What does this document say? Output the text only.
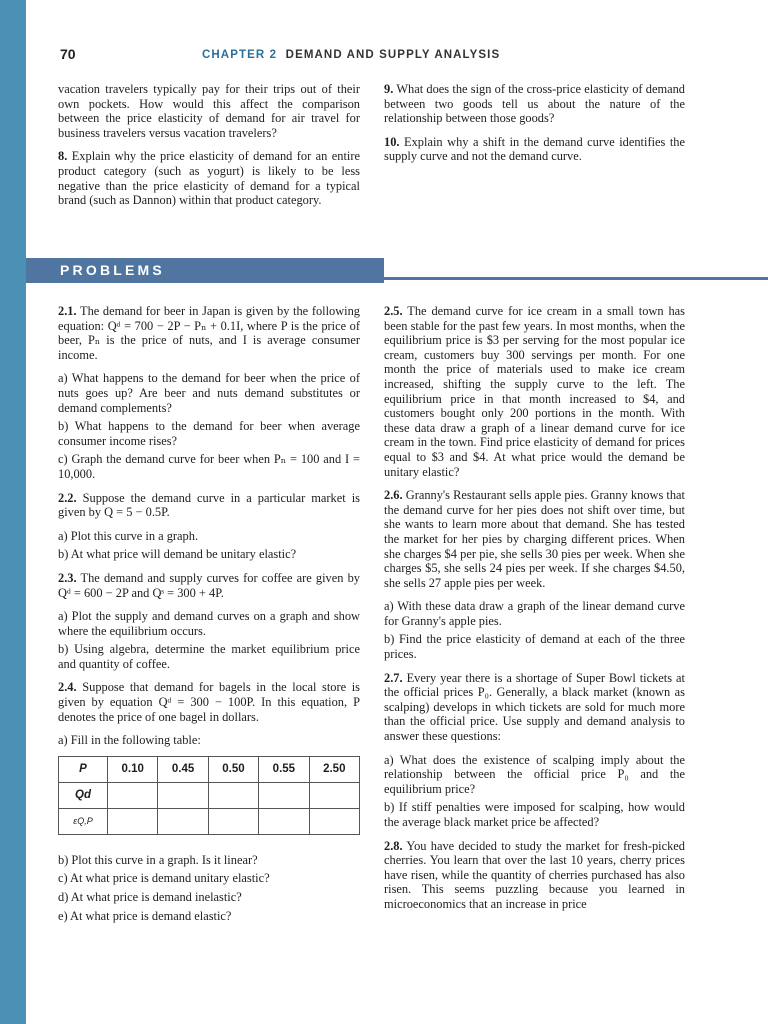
70	CHAPTER 2 DEMAND AND SUPPLY ANALYSIS

vacation travelers typically pay for their trips out of their own pockets. How would this affect the comparison between the price elasticity of demand for air travel for business travelers versus vacation travelers?

8. Explain why the price elasticity of demand for an entire product category (such as yogurt) is likely to be less negative than the price elasticity of demand for a typical brand (such as Dannon) within that product category.

9. What does the sign of the cross-price elasticity of demand between two goods tell us about the nature of the relationship between those goods?

10. Explain why a shift in the demand curve identifies the supply curve and not the demand curve.

PROBLEMS
2.1. The demand for beer in Japan is given by the following equation: Qᵈ = 700 − 2P − Pₙ + 0.1I, where P is the price of beer, Pₙ is the price of nuts, and I is average consumer income.
a) What happens to the demand for beer when the price of nuts goes up? Are beer and nuts demand substitutes or demand complements?
b) What happens to the demand for beer when average consumer income rises?
c) Graph the demand curve for beer when Pₙ = 100 and I = 10,000.
2.2. Suppose the demand curve in a particular market is given by Q = 5 − 0.5P.
a) Plot this curve in a graph.
b) At what price will demand be unitary elastic?
2.3. The demand and supply curves for coffee are given by Qᵈ = 600 − 2P and Qˢ = 300 + 4P.
a) Plot the supply and demand curves on a graph and show where the equilibrium occurs.
b) Using algebra, determine the market equilibrium price and quantity of coffee.
2.4. Suppose that demand for bagels in the local store is given by equation Qᵈ = 300 − 100P. In this equation, P denotes the price of one bagel in dollars.
a) Fill in the following table:
P	0.10	0.45	0.50	0.55	2.50
Qd					
εQ,P					
b) Plot this curve in a graph. Is it linear?
c) At what price is demand unitary elastic?
d) At what price is demand inelastic?
e) At what price is demand elastic?
2.5. The demand curve for ice cream in a small town has been stable for the past few years. In most months, when the equilibrium price is $3 per serving for the most popular ice cream, customers buy 300 servings per month. For one month the price of materials used to make ice cream increased, shifting the supply curve to the left. The equilibrium price in that month increased to $4, and customers bought only 200 portions in the month. With these data draw a graph of a linear demand curve for ice cream in the town. Find price elasticity of demand for prices equal to $3 and $4. At what price would the demand be unitary elastic?
2.6. Granny's Restaurant sells apple pies. Granny knows that the demand curve for her pies does not shift over time, but she wants to learn more about that demand. She has tested the market for her pies by charging different prices. When she charges $4 per pie, she sells 30 pies per week. When she charges $5, she sells 24 pies per week. If she charges $4.50, she sells 27 apple pies per week.
a) With these data draw a graph of the linear demand curve for Granny's apple pies.
b) Find the price elasticity of demand at each of the three prices.
2.7. Every year there is a shortage of Super Bowl tickets at the official prices P₀. Generally, a black market (known as scalping) develops in which tickets are sold for much more than the official price. Use supply and demand analysis to answer these questions:
a) What does the existence of scalping imply about the relationship between the official price P₀ and the equilibrium price?
b) If stiff penalties were imposed for scalping, how would the average black market price be affected?
2.8. You have decided to study the market for fresh-picked cherries. You learn that over the last 10 years, cherry prices have risen, while the quantity of cherries purchased has also risen. This seems puzzling because you learned in microeconomics that an increase in price
